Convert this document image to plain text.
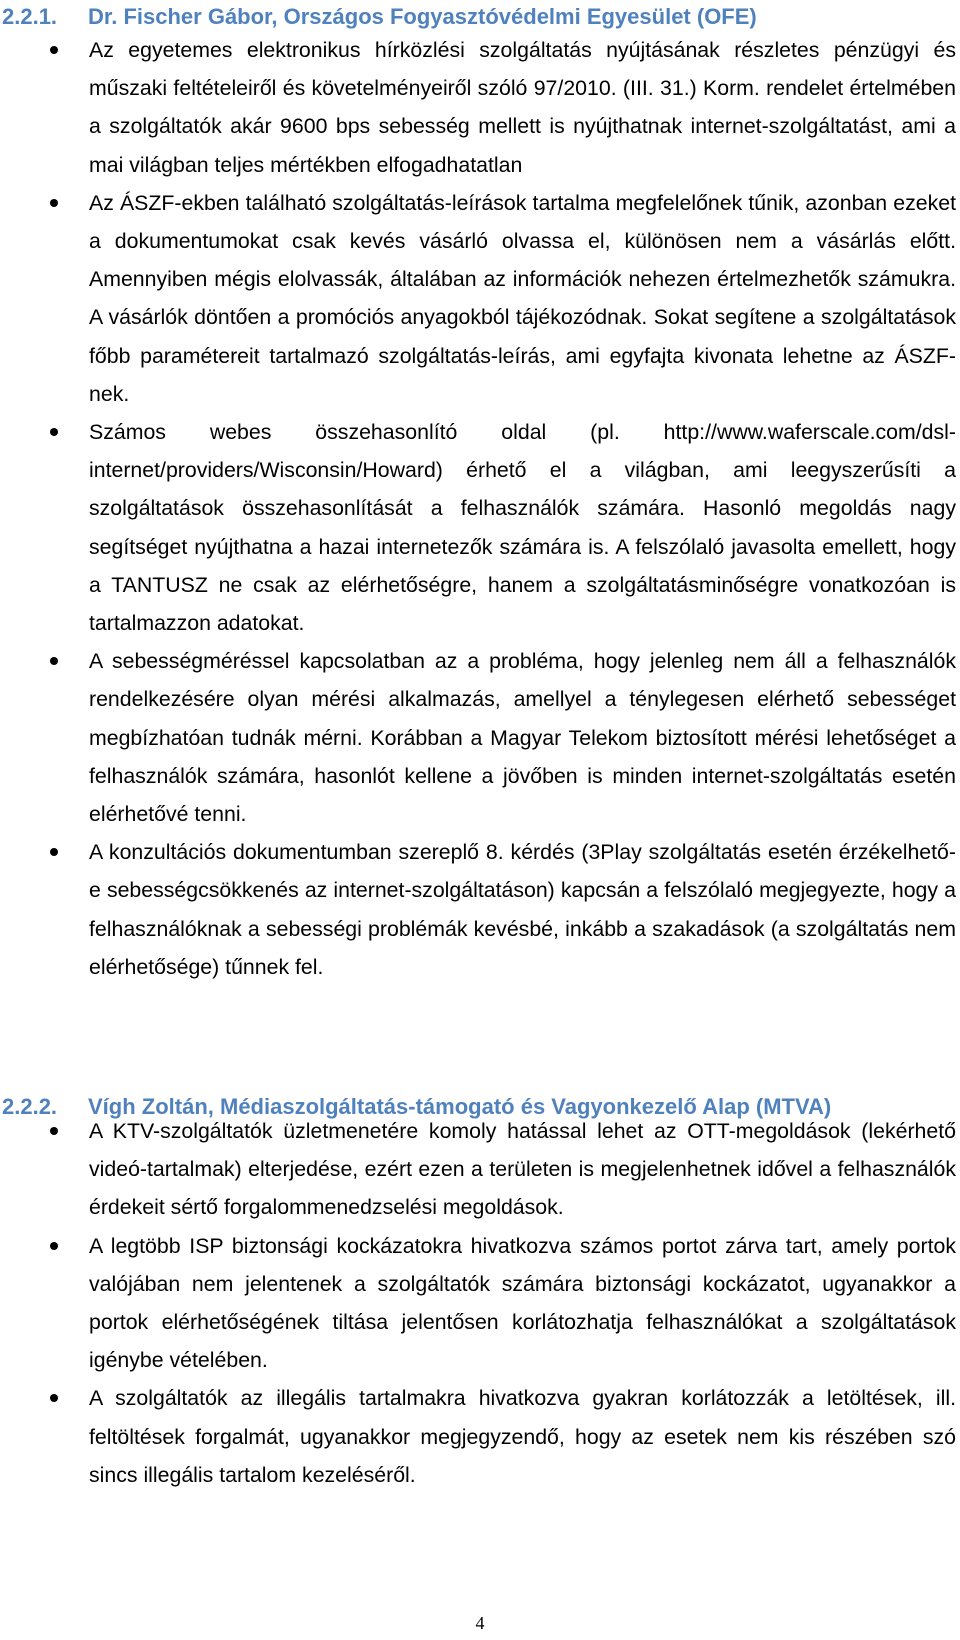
2.2.1. Dr. Fischer Gábor, Országos Fogyasztóvédelmi Egyesület (OFE)
Az egyetemes elektronikus hírközlési szolgáltatás nyújtásának részletes pénzügyi és műszaki feltételeiről és követelményeiről szóló 97/2010. (III. 31.) Korm. rendelet értelmében a szolgáltatók akár 9600 bps sebesség mellett is nyújthatnak internet-szolgáltatást, ami a mai világban teljes mértékben elfogadhatatlan
Az ÁSZF-ekben található szolgáltatás-leírások tartalma megfelelőnek tűnik, azonban ezeket a dokumentumokat csak kevés vásárló olvassa el, különösen nem a vásárlás előtt. Amennyiben mégis elolvassák, általában az információk nehezen értelmezhetők számukra. A vásárlók döntően a promóciós anyagokból tájékozódnak. Sokat segítene a szolgáltatások főbb paramétereit tartalmazó szolgáltatás-leírás, ami egyfajta kivonata lehetne az ÁSZF-nek.
Számos webes összehasonlító oldal (pl. http://www.waferscale.com/dsl-internet/providers/Wisconsin/Howard) érhető el a világban, ami leegyszerűsíti a szolgáltatások összehasonlítását a felhasználók számára. Hasonló megoldás nagy segítséget nyújthatna a hazai internetezők számára is. A felszólaló javasolta emellett, hogy a TANTUSZ ne csak az elérhetőségre, hanem a szolgáltatásminőségre vonatkozóan is tartalmazzon adatokat.
A sebességméréssel kapcsolatban az a probléma, hogy jelenleg nem áll a felhasználók rendelkezésére olyan mérési alkalmazás, amellyel a ténylegesen elérhető sebességet megbízhatóan tudnák mérni. Korábban a Magyar Telekom biztosított mérési lehetőséget a felhasználók számára, hasonlót kellene a jövőben is minden internet-szolgáltatás esetén elérhetővé tenni.
A konzultációs dokumentumban szereplő 8. kérdés (3Play szolgáltatás esetén érzékelhető-e sebességcsökkenés az internet-szolgáltatáson) kapcsán a felszólaló megjegyezte, hogy a felhasználóknak a sebességi problémák kevésbé, inkább a szakadások (a szolgáltatás nem elérhetősége) tűnnek fel.
2.2.2. Vígh Zoltán, Médiaszolgáltatás-támogató és Vagyonkezelő Alap (MTVA)
A KTV-szolgáltatók üzletmenetére komoly hatással lehet az OTT-megoldások (lekérhető videó-tartalmak) elterjedése, ezért ezen a területen is megjelenhetnek idővel a felhasználók érdekeit sértő forgalommenedzselési megoldások.
A legtöbb ISP biztonsági kockázatokra hivatkozva számos portot zárva tart, amely portok valójában nem jelentenek a szolgáltatók számára biztonsági kockázatot, ugyanakkor a portok elérhetőségének tiltása jelentősen korlátozhatja felhasználókat a szolgáltatások igénybe vételében.
A szolgáltatók az illegális tartalmakra hivatkozva gyakran korlátozzák a letöltések, ill. feltöltések forgalmát, ugyanakkor megjegyzendő, hogy az esetek nem kis részében szó sincs illegális tartalom kezeléséről.
4
